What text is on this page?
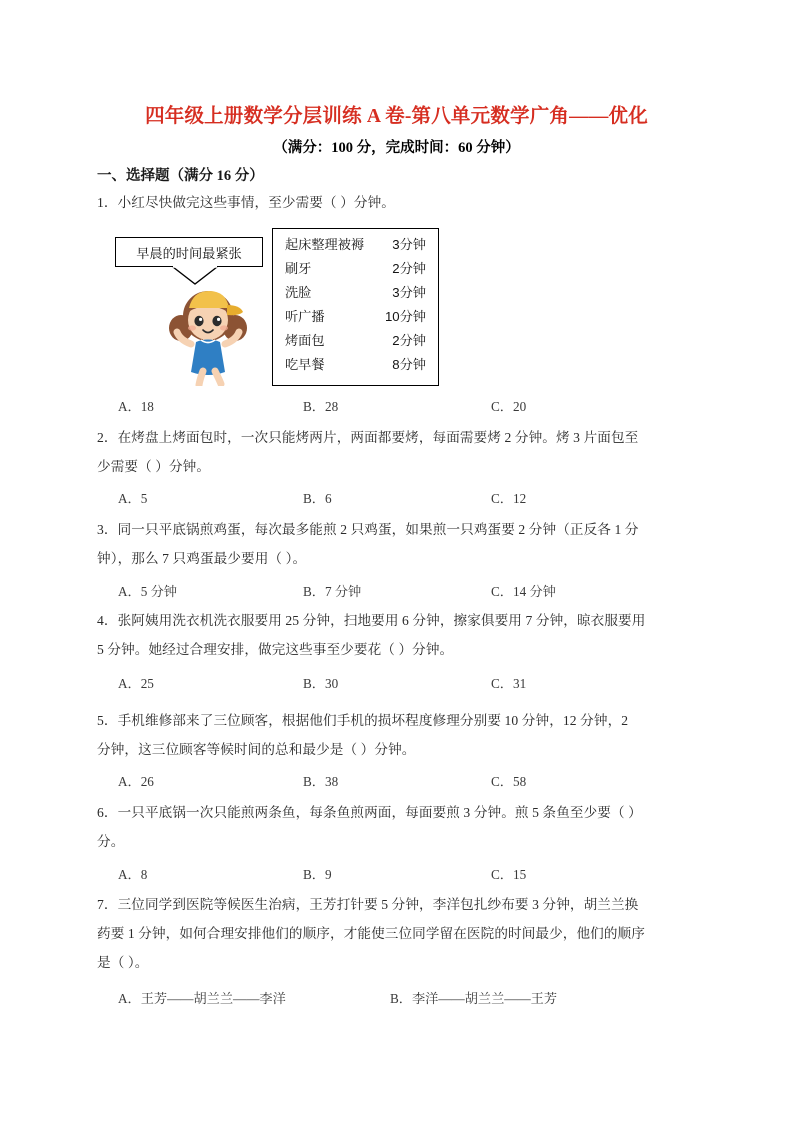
四年级上册数学分层训练 A 卷-第八单元数学广角——优化
（满分：100 分，完成时间：60 分钟）
一、选择题（满分 16 分）
1．小红尽快做完这些事情，至少需要（ ）分钟。
早晨的时间最紧张
起床整理被褥 3分钟
刷牙	2分钟
洗脸	3分钟
听广播	10分钟
烤面包	2分钟
吃早餐	8分钟
A．18	B．28	C．20
2．在烤盘上烤面包时，一次只能烤两片，两面都要烤，每面需要烤 2 分钟。烤 3 片面包至
少需要（ ）分钟。
A．5	B．6	C．12
3．同一只平底锅煎鸡蛋，每次最多能煎 2 只鸡蛋，如果煎一只鸡蛋要 2 分钟（正反各 1 分
钟），那么 7 只鸡蛋最少要用（ ）。
A．5 分钟	B．7 分钟	C．14 分钟
4．张阿姨用洗衣机洗衣服要用 25 分钟，扫地要用 6 分钟，擦家俱要用 7 分钟，晾衣服要用
5 分钟。她经过合理安排，做完这些事至少要花（ ）分钟。
A．25	B．30	C．31
5．手机维修部来了三位顾客，根据他们手机的损坏程度修理分别要 10 分钟，12 分钟，2
分钟，这三位顾客等候时间的总和最少是（ ）分钟。
A．26	B．38	C．58
6．一只平底锅一次只能煎两条鱼，每条鱼煎两面，每面要煎 3 分钟。煎 5 条鱼至少要（ ）
分。
A．8	B．9	C．15
7．三位同学到医院等候医生治病，王芳打针要 5 分钟，李洋包扎纱布要 3 分钟，胡兰兰换
药要 1 分钟，如何合理安排他们的顺序，才能使三位同学留在医院的时间最少，他们的顺序
是（ ）。
A．王芳——胡兰兰——李洋	B．李洋——胡兰兰——王芳
